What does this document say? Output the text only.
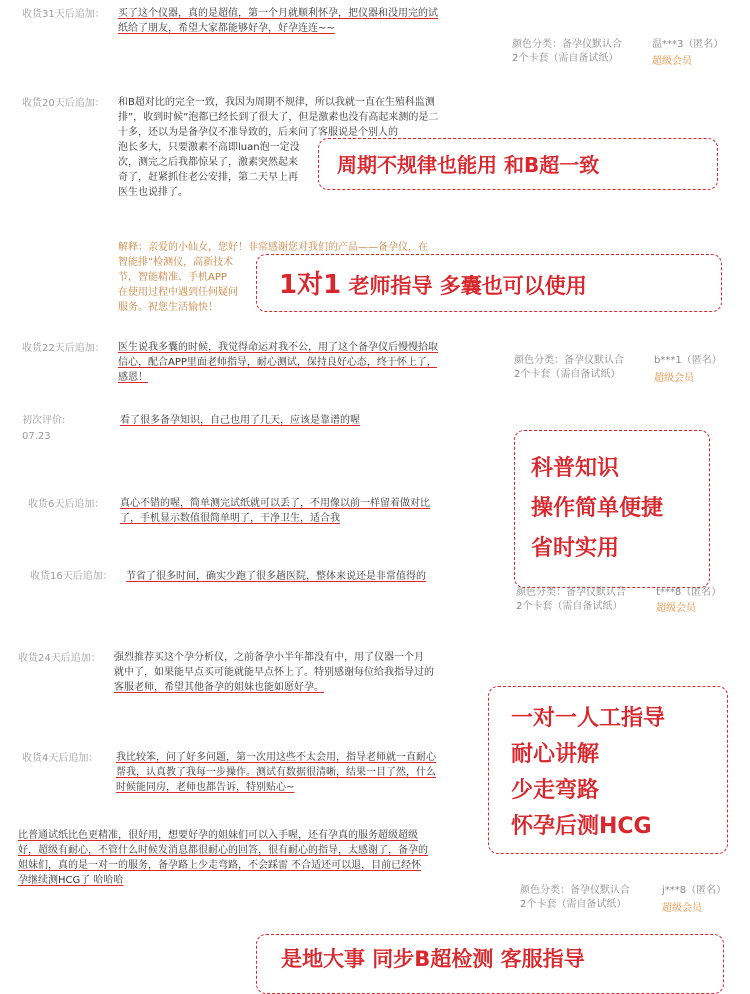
收货31天后追加： 买了这个仪器，真的是超值，第一个月就顺利怀孕，把仪器和没用完的试
纸给了朋友，希望大家都能够好孕，好孕连连~~
颜色分类：备孕仪默认合
2个卡套（需自备试纸）
温***3（匿名）
超级会员
收货20天后追加： 和B超对比的完全一致，我因为周期不规律，所以我就一直在生殖科监测
排”，收到时候”泡都已经长到了很大了，但是激素也没有高起来测的是二
十多，还以为是备孕仪不准导致的，后来问了客服说是个别人的
泡长多大，只要激素不高即luan泡一定没
次，测完之后我都惊呆了，激素突然起来
奇了，赶紧抓住老公安排，第二天早上再
医生也说排了。
解释：亲爱的小仙女，您好！非常感谢您对我们的产品——备孕仪，在
智能排”检测仪，高新技术
节，智能精准、手机APP
在使用过程中遇到任何疑问
服务。祝您生活愉快！
周期不规律也能用 和B超一致
1对1 老师指导 多囊也可以使用
收货22天后追加： 医生说我多囊的时候，我觉得命运对我不公，用了这个备孕仪后慢慢拾取
信心，配合APP里面老师指导，耐心测试，保持良好心态，终于怀上了，
感恩！
颜色分类：备孕仪默认合
2个卡套（需自备试纸）
b***1（匿名）
超级会员
初次评价:
07.23
看了很多备孕知识，自己也用了几天，应该是靠谱的喔
科普知识
操作简单便捷
省时实用
收货6天后追加： 真心不错的喔，简单测完试纸就可以丢了，不用像以前一样留着做对比
了，手机显示数值很简单明了，干净卫生，适合我
收货16天后追加： 节省了很多时间，确实少跑了很多趟医院，整体来说还是非常值得的
颜色分类：备孕仪默认合
2个卡套（需自备试纸）
t***8（匿名）
超级会员
收货24天后追加： 强烈推荐买这个孕分析仪，之前备孕小半年都没有中，用了仪器一个月
就中了，如果能早点买可能就能早点怀上了。特别感谢每位给我指导过的
客服老师，希望其他备孕的姐妹也能如愿好孕。
一对一人工指导
耐心讲解
少走弯路
怀孕后测HCG
收货4天后追加： 我比较笨，问了好多问题，第一次用这些不太会用，指导老师就一直耐心
帮我，认真教了我每一步操作。测试有数据很清晰，结果一目了然，什么
时候能同房，老师也都告诉，特别贴心~
比普通试纸比色更精准，很好用，想要好孕的姐妹们可以入手喔，还有孕真的服务超级超级
好，超级有耐心，不管什么时候发消息都很耐心的回答，很有耐心的指导，太感谢了，备孕的
姐妹们，真的是一对一的服务，备孕路上少走弯路，不会踩雷 不合适还可以退，目前已经怀
孕继续测HCG了 哈哈哈
颜色分类：备孕仪默认合
2个卡套（需自备试纸）
j***8（匿名）
超级会员
是地大事 同步B超检测 客服指导
